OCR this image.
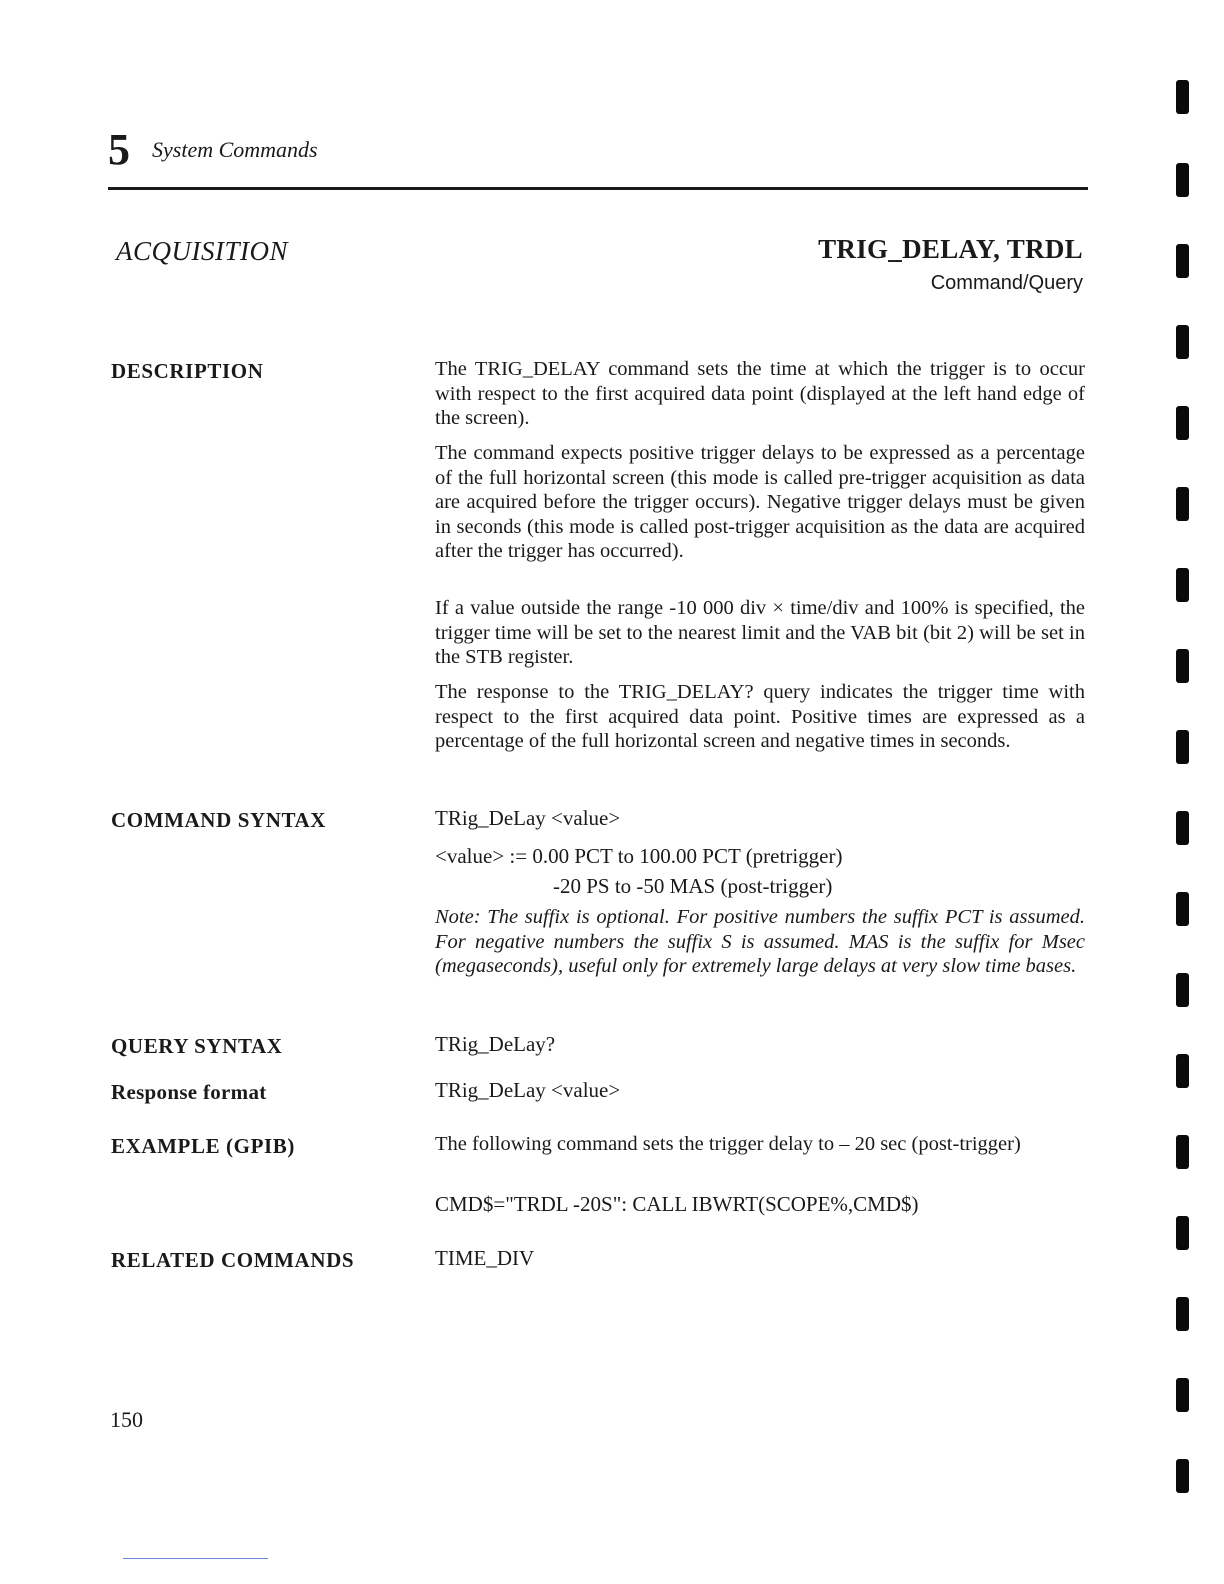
5 System Commands
ACQUISITION	TRIG_DELAY, TRDL
Command/Query
DESCRIPTION	The TRIG_DELAY command sets the time at which the trigger is to occur with respect to the first acquired data point (displayed at the left hand edge of the screen).
The command expects positive trigger delays to be expressed as a percentage of the full horizontal screen (this mode is called pre-trigger acquisition as data are acquired before the trigger occurs). Negative trigger delays must be given in seconds (this mode is called post-trigger acquisition as the data are acquired after the trigger has occurred).
If a value outside the range -10 000 div × time/div and 100% is specified, the trigger time will be set to the nearest limit and the VAB bit (bit 2) will be set in the STB register.
The response to the TRIG_DELAY? query indicates the trigger time with respect to the first acquired data point. Positive times are expressed as a percentage of the full horizontal screen and negative times in seconds.
COMMAND SYNTAX	TRig_DeLay <value>
<value> := 0.00 PCT to 100.00 PCT (pretrigger)
-20 PS to -50 MAS (post-trigger)
Note: The suffix is optional. For positive numbers the suffix PCT is assumed. For negative numbers the suffix S is assumed. MAS is the suffix for Msec (megaseconds), useful only for extremely large delays at very slow time bases.
QUERY SYNTAX	TRig_DeLay?
Response format	TRig_DeLay <value>
EXAMPLE (GPIB)	The following command sets the trigger delay to – 20 sec (post-trigger)
CMD$="TRDL -20S": CALL IBWRT(SCOPE%,CMD$)
RELATED COMMANDS	TIME_DIV
150
